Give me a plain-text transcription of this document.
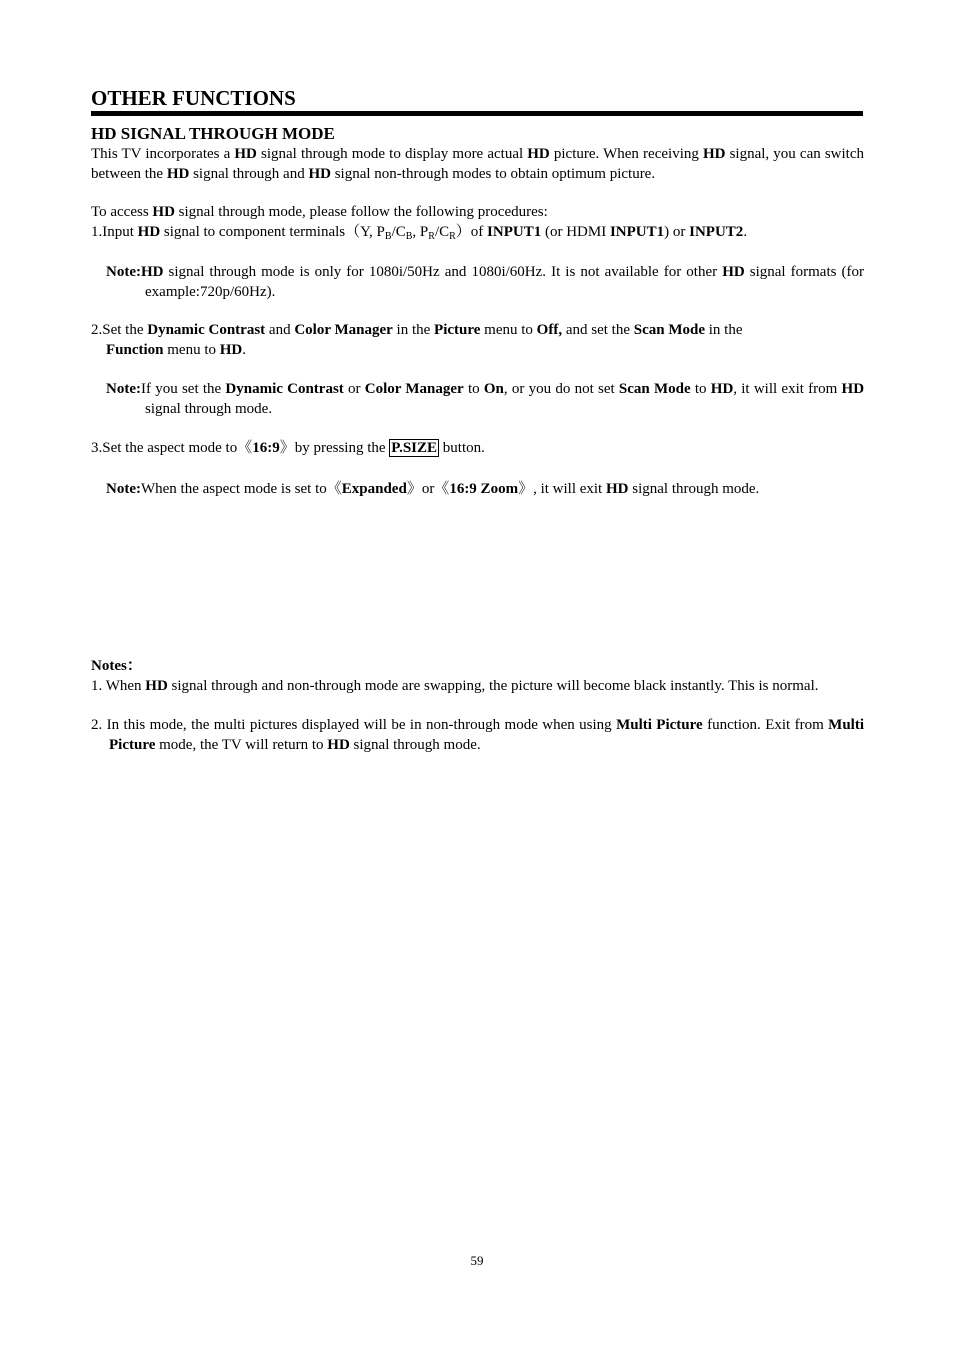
OTHER FUNCTIONS
HD SIGNAL THROUGH MODE

This TV incorporates a HD signal through mode to display more actual HD picture. When receiving HD signal, you can switch between the HD signal through and HD signal non-through modes to obtain optimum picture.

To access HD signal through mode, please follow the following procedures:

1.Input HD signal to component terminals（Y, $P_B/C_B$, $P_R/C_R)of$ INPUT1 (or HDMI INPUT1) or INPUT2.

Note:HD signal through mode is only for 1080i/50Hz and 1080i/60Hz. It is not available for other HD signal formats (for example:720p/60Hz).

2.Set the Dynamic Contrast and Color Manager in the Picture menu to Off, and set the Scan Mode in the
Function menu to HD.

Note:If you set the Dynamic Contrast or Color Manager to On, or you do not set Scan Mode to HD, it will exit from HD signal through mode.

3.Set the aspect mode to《16:9》by pressing the P.SIZE button.

Note:When the aspect mode is set to《Expanded》or《16:9 Zoom》, it will exit HD signal through mode.

Notes：

1. When HD signal through and non-through mode are swapping, the picture will become black instantly. This is normal.

2. In this mode, the multi pictures displayed will be in non-through mode when using Multi Picture function. Exit from Multi Picture mode, the TV will return to HD signal through mode.

59
